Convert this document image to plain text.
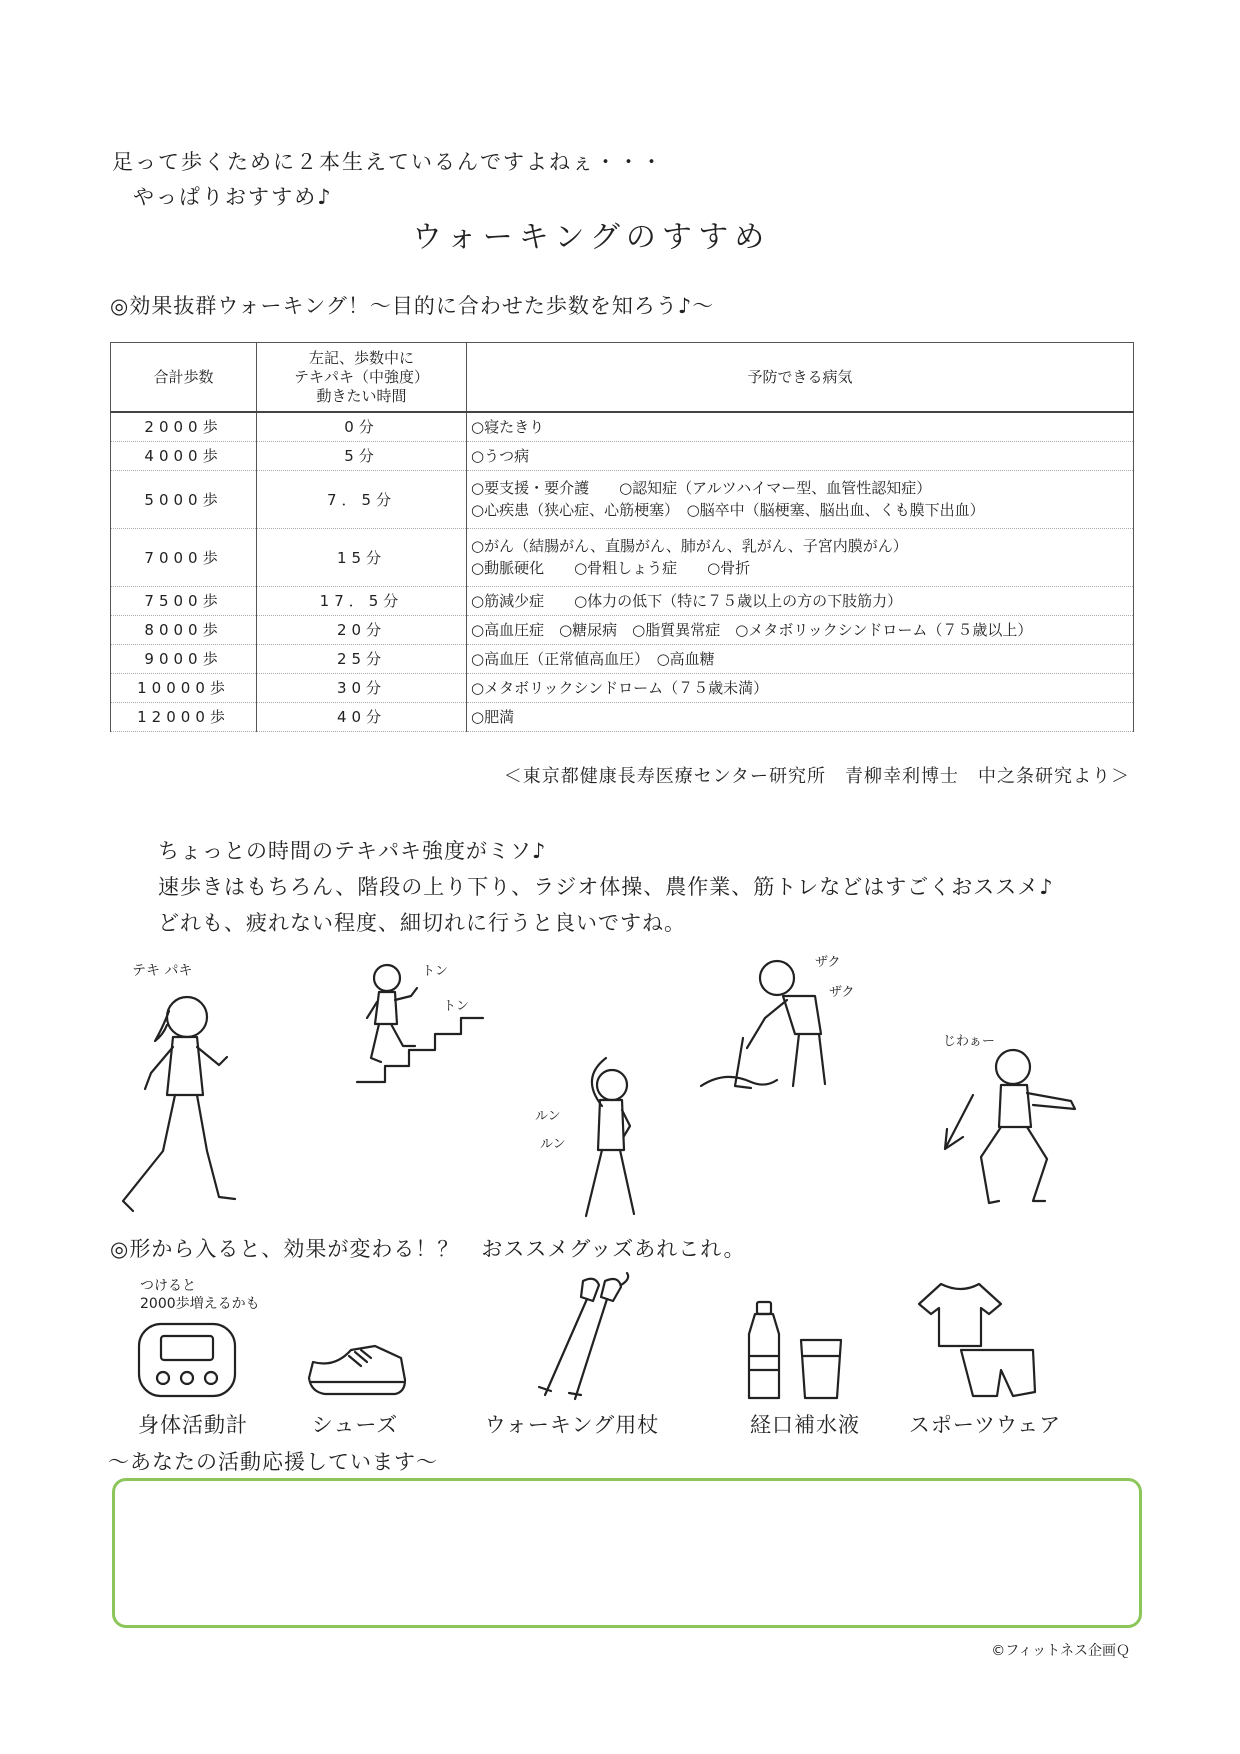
足って歩くために２本生えているんですよねぇ・・・
やっぱりおすすめ♪
ウォーキングのすすめ
◎効果抜群ウォーキング！～目的に合わせた歩数を知ろう♪～
合計歩数	左記、歩数中に
テキパキ（中強度）
動きたい時間	予防できる病気
2000歩	0分	○寝たきり

4000歩	5分	○うつ病

5000歩	7．5分	○要支援・要介護　　○認知症（アルツハイマー型、血管性認知症）
○心疾患（狭心症、心筋梗塞）　○脳卒中（脳梗塞、脳出血、くも膜下出血）

7000歩	15分	○がん（結腸がん、直腸がん、肺がん、乳がん、子宮内膜がん）
○動脈硬化　　○骨粗しょう症　　○骨折

7500歩	17．5分	○筋減少症　　○体力の低下（特に７５歳以上の方の下肢筋力）

8000歩	20分	○高血圧症　○糖尿病　○脂質異常症　○メタボリックシンドローム（７５歳以上）

9000歩	25分	○高血圧（正常値高血圧）　○高血糖

10000歩	30分	○メタボリックシンドローム（７５歳未満）

12000歩	40分	○肥満
＜東京都健康長寿医療センター研究所　青柳幸利博士　中之条研究より＞
ちょっとの時間のテキパキ強度がミソ♪
速歩きはもちろん、階段の上り下り、ラジオ体操、農作業、筋トレなどはすごくおススメ♪
どれも、疲れない程度、細切れに行うと良いですね。
テキ パキ	トン
トン
ルン
ルン
ザク
ザク
じわぁー
◎形から入ると、効果が変わる！？　おススメグッズあれこれ。
つけると
2000歩増えるかも
身体活動計	シューズ	ウォーキング用杖	経口補水液	スポーツウェア
～あなたの活動応援しています～
©フィットネス企画Ｑ
